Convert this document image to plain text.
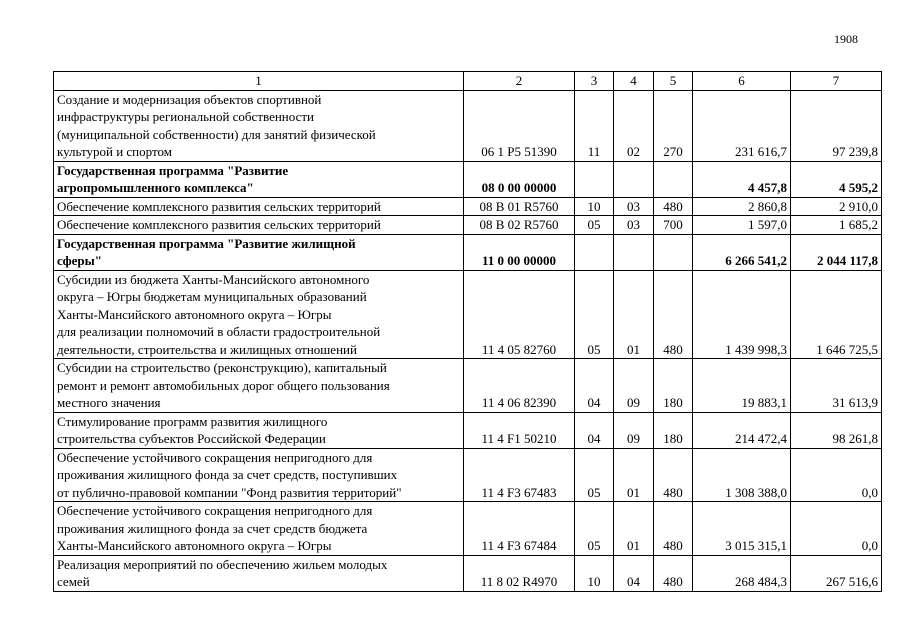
1908
1	2	3	4	5	6	7

Создание и модернизация объектов спортивной
инфраструктуры региональной собственности
(муниципальной собственности) для занятий физической
культурой и спортом	06 1 P5 51390	11	02	270	231 616,7	97 239,8

Государственная программа "Развитие
агропромышленного комплекса"	08 0 00 00000				4 457,8	4 595,2

Обеспечение комплексного развития сельских территорий	08 В 01 R5760	10	03	480	2 860,8	2 910,0

Обеспечение комплексного развития сельских территорий	08 В 02 R5760	05	03	700	1 597,0	1 685,2

Государственная программа "Развитие жилищной
сферы"	11 0 00 00000				6 266 541,2	2 044 117,8

Субсидии из бюджета Ханты-Мансийского автономного
округа – Югры бюджетам муниципальных образований
Ханты-Мансийского автономного округа – Югры
для реализации полномочий в области градостроительной
деятельности, строительства и жилищных отношений	11 4 05 82760	05	01	480	1 439 998,3	1 646 725,5

Субсидии на строительство (реконструкцию), капитальный
ремонт и ремонт автомобильных дорог общего пользования
местного значения	11 4 06 82390	04	09	180	19 883,1	31 613,9

Стимулирование программ развития жилищного
строительства субъектов Российской Федерации	11 4 F1 50210	04	09	180	214 472,4	98 261,8

Обеспечение устойчивого сокращения непригодного для
проживания жилищного фонда за счет средств, поступивших
от публично-правовой компании "Фонд развития территорий"	11 4 F3 67483	05	01	480	1 308 388,0	0,0

Обеспечение устойчивого сокращения непригодного для
проживания жилищного фонда за счет средств бюджета
Ханты-Мансийского автономного округа – Югры	11 4 F3 67484	05	01	480	3 015 315,1	0,0

Реализация мероприятий по обеспечению жильем молодых
семей	11 8 02 R4970	10	04	480	268 484,3	267 516,6
